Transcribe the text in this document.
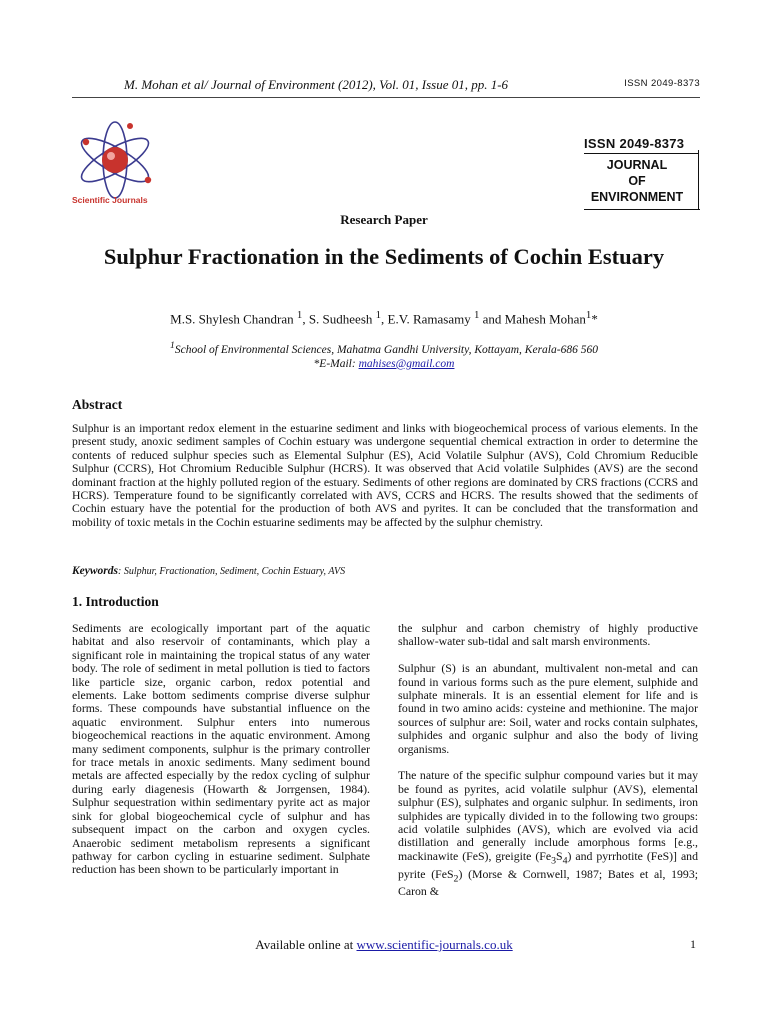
M. Mohan et al/ Journal of Environment (2012), Vol. 01, Issue 01, pp. 1-6	ISSN 2049-8373
Scientific Journals
ISSN 2049-8373
JOURNAL
OF
ENVIRONMENT
Research Paper
Sulphur Fractionation in the Sediments of Cochin Estuary
M.S. Shylesh Chandran $^1$, S. Sudheesh $^1$, E.V. Ramasamy $^1$ and Mahesh Mohan$^1$*
$^1$School of Environmental Sciences, Mahatma Gandhi University, Kottayam, Kerala-686 560
*E-Mail: mahises@gmail.com
Abstract
Sulphur is an important redox element in the estuarine sediment and links with biogeochemical process of various elements. In the present study, anoxic sediment samples of Cochin estuary was undergone sequential chemical extraction in order to determine the contents of reduced sulphur species such as Elemental Sulphur (ES), Acid Volatile Sulphur (AVS), Cold Chromium Reducible Sulphur (CCRS), Hot Chromium Reducible Sulphur (HCRS). It was observed that Acid volatile Sulphides (AVS) are the second dominant fraction at the highly polluted region of the estuary. Sediments of other regions are dominated by CRS fractions (CCRS and HCRS). Temperature found to be significantly correlated with AVS, CCRS and HCRS. The results showed that the sediments of Cochin estuary have the potential for the production of both AVS and pyrites. It can be concluded that the transformation and mobility of toxic metals in the Cochin estuarine sediments may be affected by the sulphur chemistry.
Keywords: Sulphur, Fractionation, Sediment, Cochin Estuary, AVS
1. Introduction

Sediments are ecologically important part of the aquatic habitat and also reservoir of contaminants, which play a significant role in maintaining the tropical status of any water body. The role of sediment in metal pollution is tied to factors like particle size, organic carbon, redox potential and elements. Lake bottom sediments comprise diverse sulphur forms. These compounds have substantial influence on the aquatic environment. Sulphur enters into numerous biogeochemical reactions in the aquatic environment. Among many sediment components, sulphur is the primary controller for trace metals in anoxic sediments. Many sediment bound metals are affected especially by the redox cycling of sulphur during early diagenesis (Howarth & Jorrgensen, 1984). Sulphur sequestration within sedimentary pyrite act as major sink for global biogeochemical cycle of sulphur and has subsequent impact on the carbon and oxygen cycles. Anaerobic sediment metabolism represents a significant pathway for carbon cycling in estuarine sediment. Sulphate reduction has been shown to be particularly important in

the sulphur and carbon chemistry of highly productive shallow-water sub-tidal and salt marsh environments.

Sulphur (S) is an abundant, multivalent non-metal and can found in various forms such as the pure element, sulphide and sulphate minerals. It is an essential element for life and is found in two amino acids: cysteine and methionine. The major sources of sulphur are: Soil, water and rocks contain sulphates, sulphides and organic sulphur and also the body of living organisms.

The nature of the specific sulphur compound varies but it may be found as pyrites, acid volatile sulphur (AVS), elemental sulphur (ES), sulphates and organic sulphur. In sediments, iron sulphides are typically divided in to the following two groups: acid volatile sulphides (AVS), which are evolved via acid distillation and generally include amorphous forms [e.g., mackinawite (FeS), greigite $(Fe_3S_4)$ and pyrrhotite (FeS)] and pyrite (FeS$_2$) (Morse & Cornwell, 1987; Bates et al, 1993; Caron &

Available online at www.scientific-journals.co.uk	1
